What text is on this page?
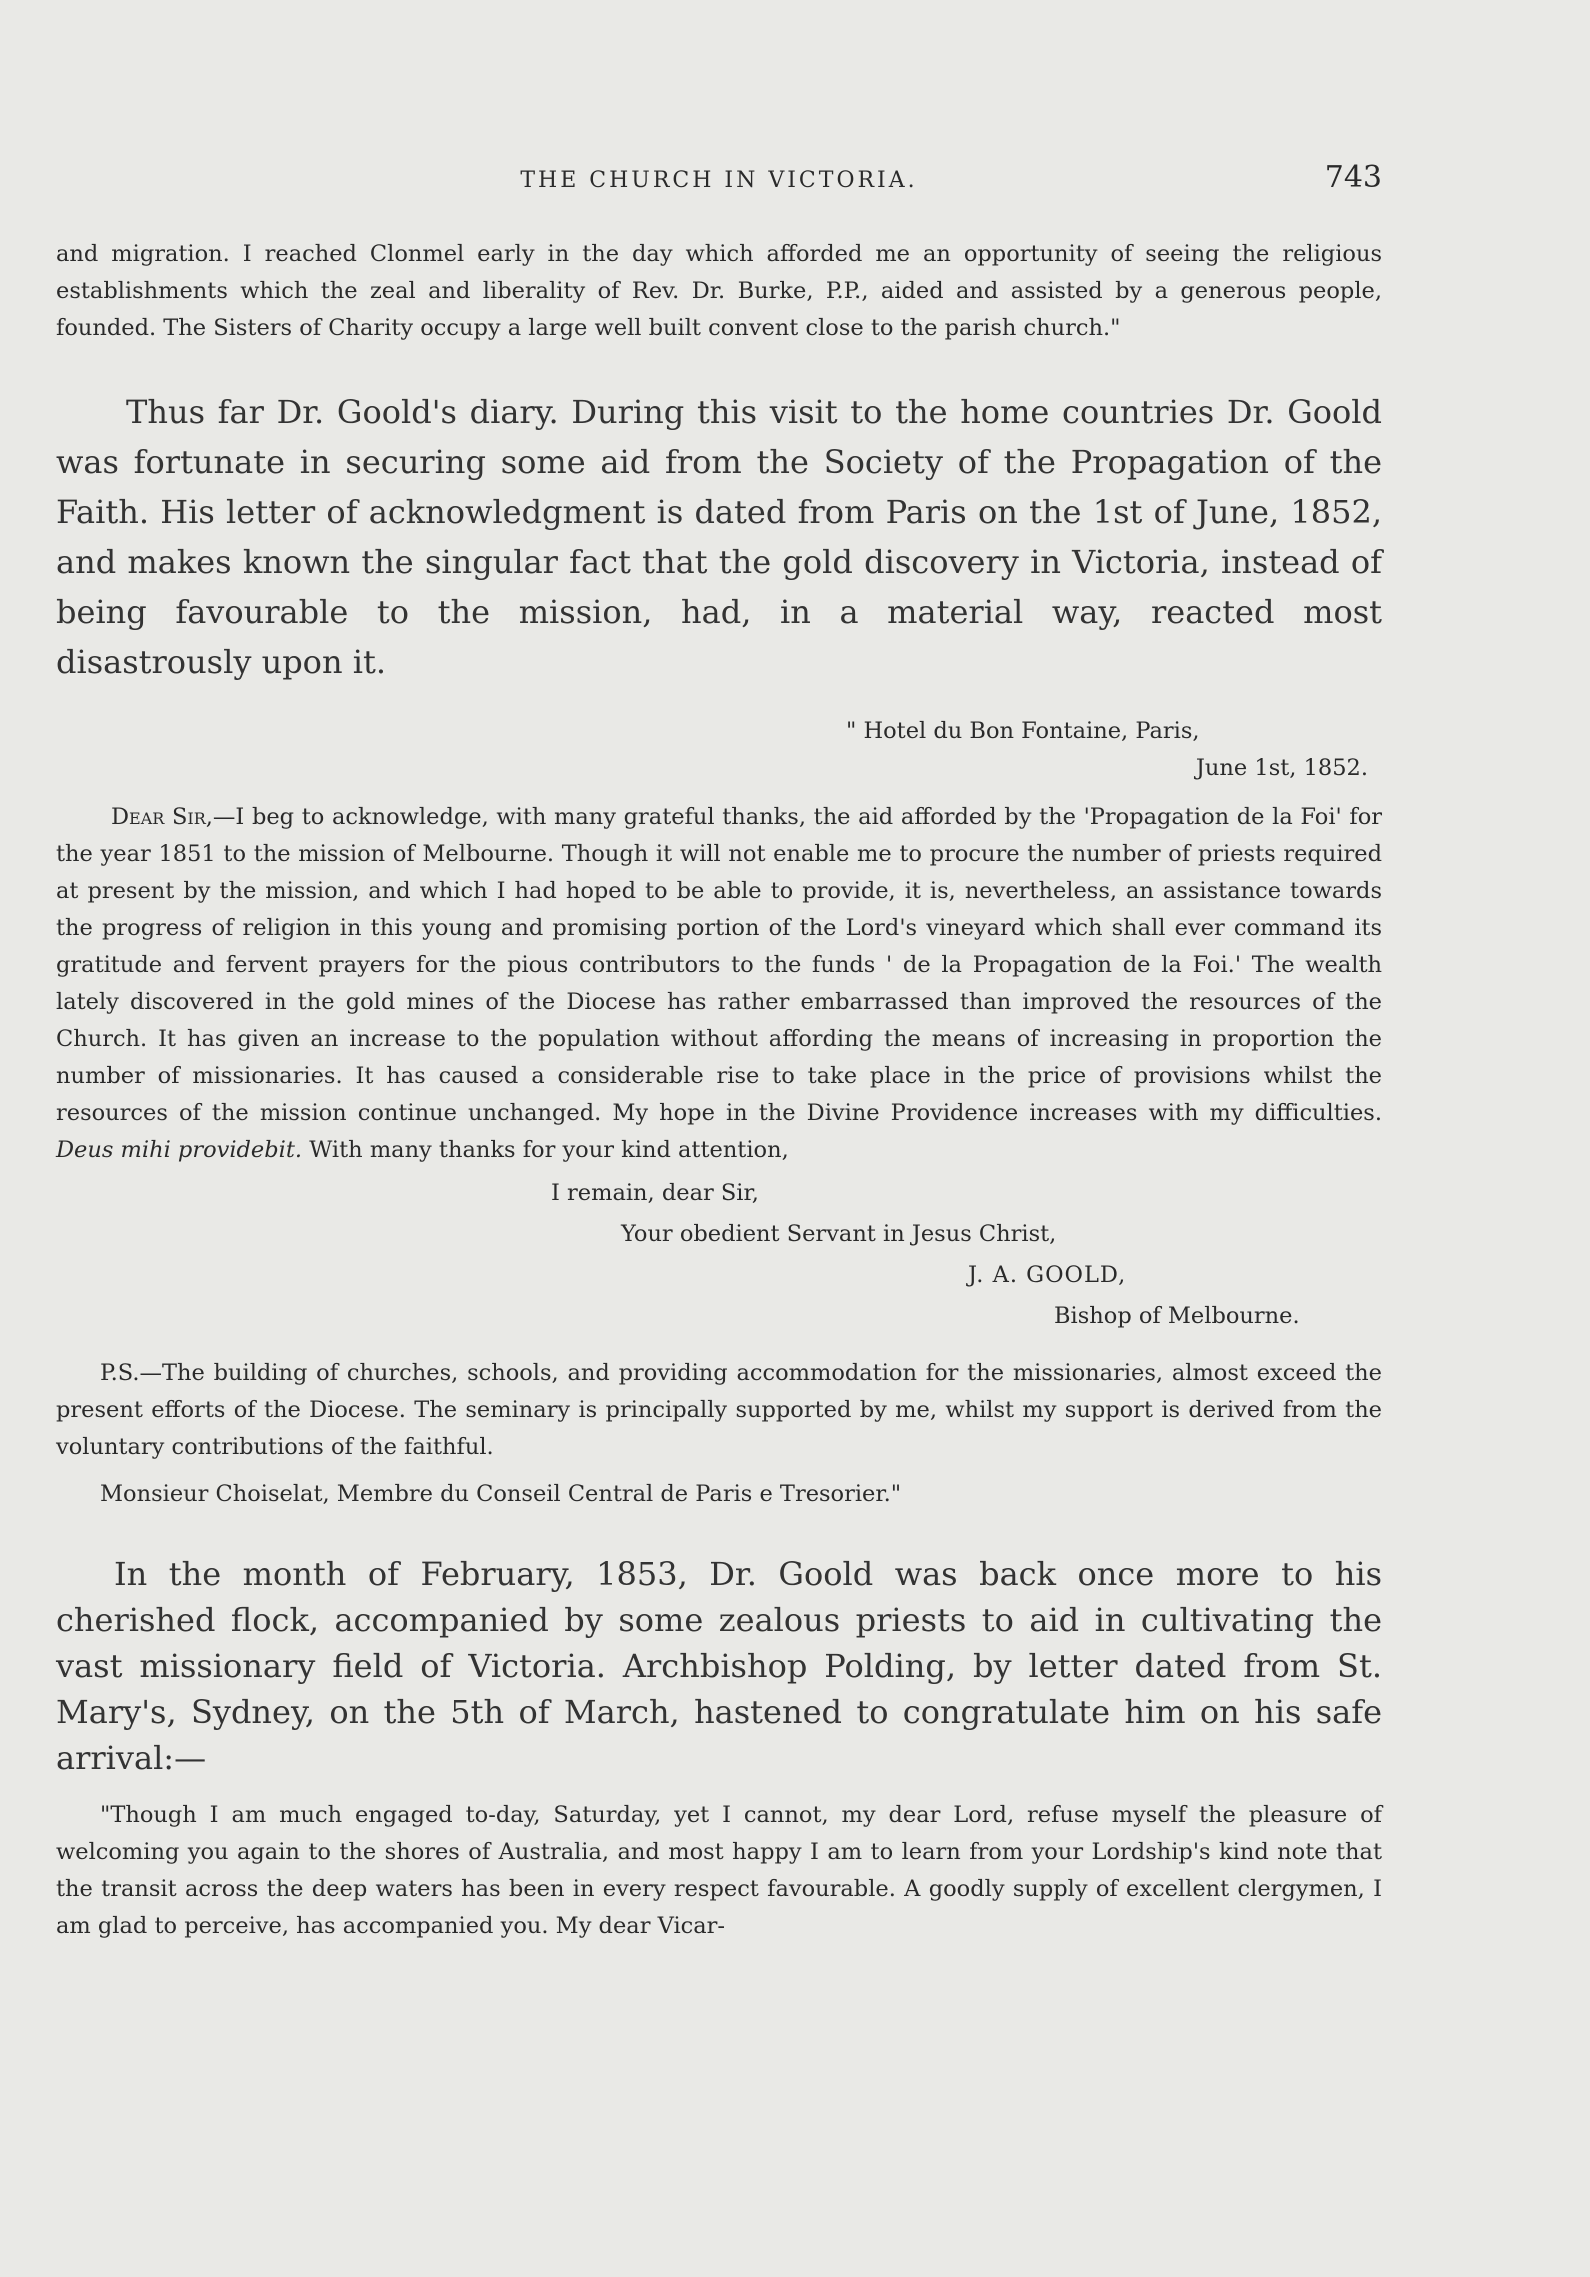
THE CHURCH IN VICTORIA.	743

and migration. I reached Clonmel early in the day which afforded me an opportunity of seeing the religious establishments which the zeal and liberality of Rev. Dr. Burke, P.P., aided and assisted by a generous people, founded. The Sisters of Charity occupy a large well built convent close to the parish church."

Thus far Dr. Goold's diary. During this visit to the home countries Dr. Goold was fortunate in securing some aid from the Society of the Propagation of the Faith. His letter of acknowledgment is dated from Paris on the 1st of June, 1852, and makes known the singular fact that the gold discovery in Victoria, instead of being favourable to the mission, had, in a material way, reacted most disastrously upon it.

" Hotel du Bon Fontaine, Paris,

June 1st, 1852.

Dear Sir,—I beg to acknowledge, with many grateful thanks, the aid afforded by the 'Propagation de la Foi' for the year 1851 to the mission of Melbourne. Though it will not enable me to procure the number of priests required at present by the mission, and which I had hoped to be able to provide, it is, nevertheless, an assistance towards the progress of religion in this young and promising portion of the Lord's vineyard which shall ever command its gratitude and fervent prayers for the pious contributors to the funds ' de la Propagation de la Foi.' The wealth lately discovered in the gold mines of the Diocese has rather embarrassed than improved the resources of the Church. It has given an increase to the population without affording the means of increasing in proportion the number of missionaries. It has caused a considerable rise to take place in the price of provisions whilst the resources of the mission continue unchanged. My hope in the Divine Providence increases with my difficulties. Deus mihi providebit. With many thanks for your kind attention,

I remain, dear Sir,

Your obedient Servant in Jesus Christ,

J. A. GOOLD,

Bishop of Melbourne.

P.S.—The building of churches, schools, and providing accommodation for the missionaries, almost exceed the present efforts of the Diocese. The seminary is principally supported by me, whilst my support is derived from the voluntary contributions of the faithful.

Monsieur Choiselat, Membre du Conseil Central de Paris e Tresorier."

In the month of February, 1853, Dr. Goold was back once more to his cherished flock, accompanied by some zealous priests to aid in cultivating the vast missionary field of Victoria. Archbishop Polding, by letter dated from St. Mary's, Sydney, on the 5th of March, hastened to congratulate him on his safe arrival:—

"Though I am much engaged to-day, Saturday, yet I cannot, my dear Lord, refuse myself the pleasure of welcoming you again to the shores of Australia, and most happy I am to learn from your Lordship's kind note that the transit across the deep waters has been in every respect favourable. A goodly supply of excellent clergymen, I am glad to perceive, has accompanied you. My dear Vicar-
